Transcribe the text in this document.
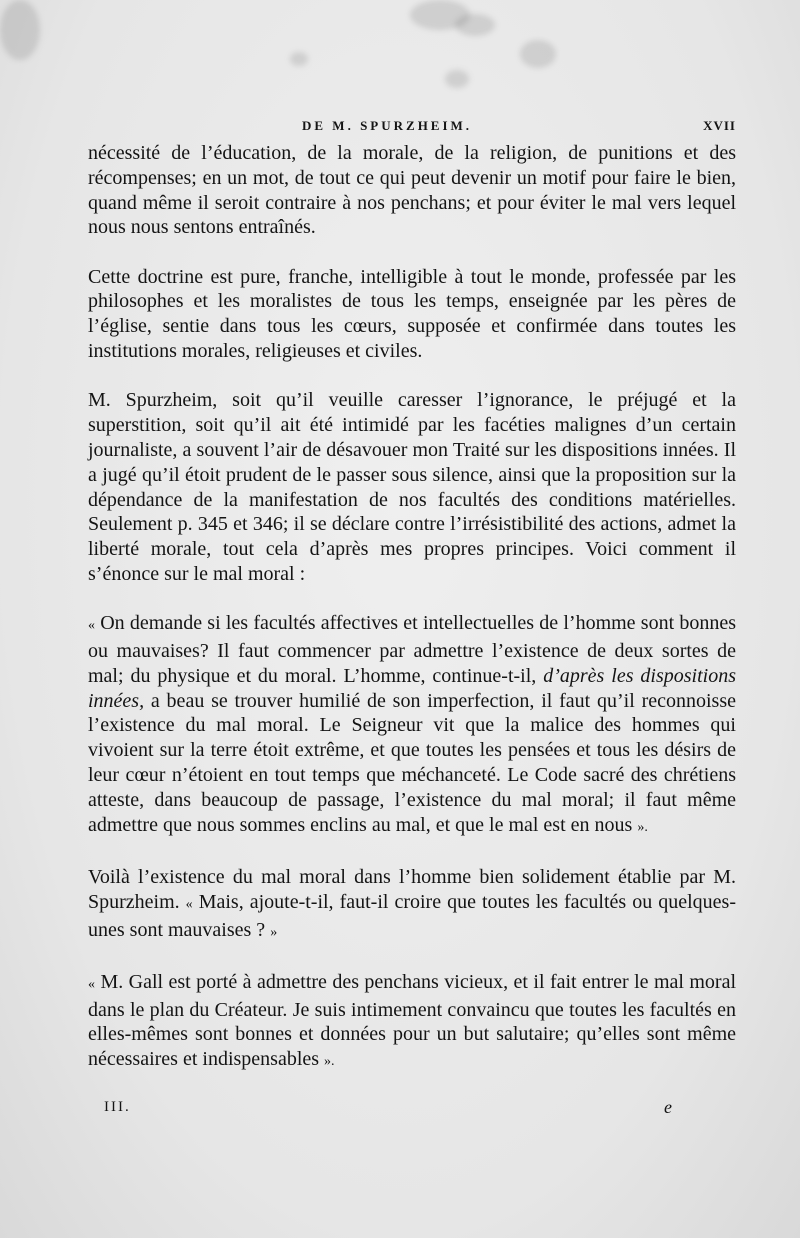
DE M. SPURZHEIM.	XVII

nécessité de l’éducation, de la morale, de la religion, de punitions et des récompenses; en un mot, de tout ce qui peut devenir un motif pour faire le bien, quand même il seroit contraire à nos penchans; et pour éviter le mal vers lequel nous nous sentons entraînés.

Cette doctrine est pure, franche, intelligible à tout le monde, professée par les philosophes et les moralistes de tous les temps, enseignée par les pères de l’église, sentie dans tous les cœurs, supposée et confirmée dans toutes les institutions morales, religieuses et civiles.

M. Spurzheim, soit qu’il veuille caresser l’ignorance, le préjugé et la superstition, soit qu’il ait été intimidé par les facéties malignes d’un certain journaliste, a souvent l’air de désavouer mon Traité sur les dispositions innées. Il a jugé qu’il étoit prudent de le passer sous silence, ainsi que la proposition sur la dépendance de la manifestation de nos facultés des conditions matérielles. Seulement p. 345 et 346; il se déclare contre l’irrésistibilité des actions, admet la liberté morale, tout cela d’après mes propres principes. Voici comment il s’énonce sur le mal moral :

« On demande si les facultés affectives et intellectuelles de l’homme sont bonnes ou mauvaises? Il faut commencer par admettre l’existence de deux sortes de mal; du physique et du moral. L’homme, continue-t-il, d’après les dispositions innées, a beau se trouver humilié de son imperfection, il faut qu’il reconnoisse l’existence du mal moral. Le Seigneur vit que la malice des hommes qui vivoient sur la terre étoit extrême, et que toutes les pensées et tous les désirs de leur cœur n’étoient en tout temps que méchanceté. Le Code sacré des chrétiens atteste, dans beaucoup de passage, l’existence du mal moral; il faut même admettre que nous sommes enclins au mal, et que le mal est en nous ».

Voilà l’existence du mal moral dans l’homme bien solidement établie par M. Spurzheim. « Mais, ajoute-t-il, faut-il croire que toutes les facultés ou quelques-unes sont mauvaises ? »

« M. Gall est porté à admettre des penchans vicieux, et il fait entrer le mal moral dans le plan du Créateur. Je suis intimement convaincu que toutes les facultés en elles-mêmes sont bonnes et données pour un but salutaire; qu’elles sont même nécessaires et indispensables ».

III.	e
